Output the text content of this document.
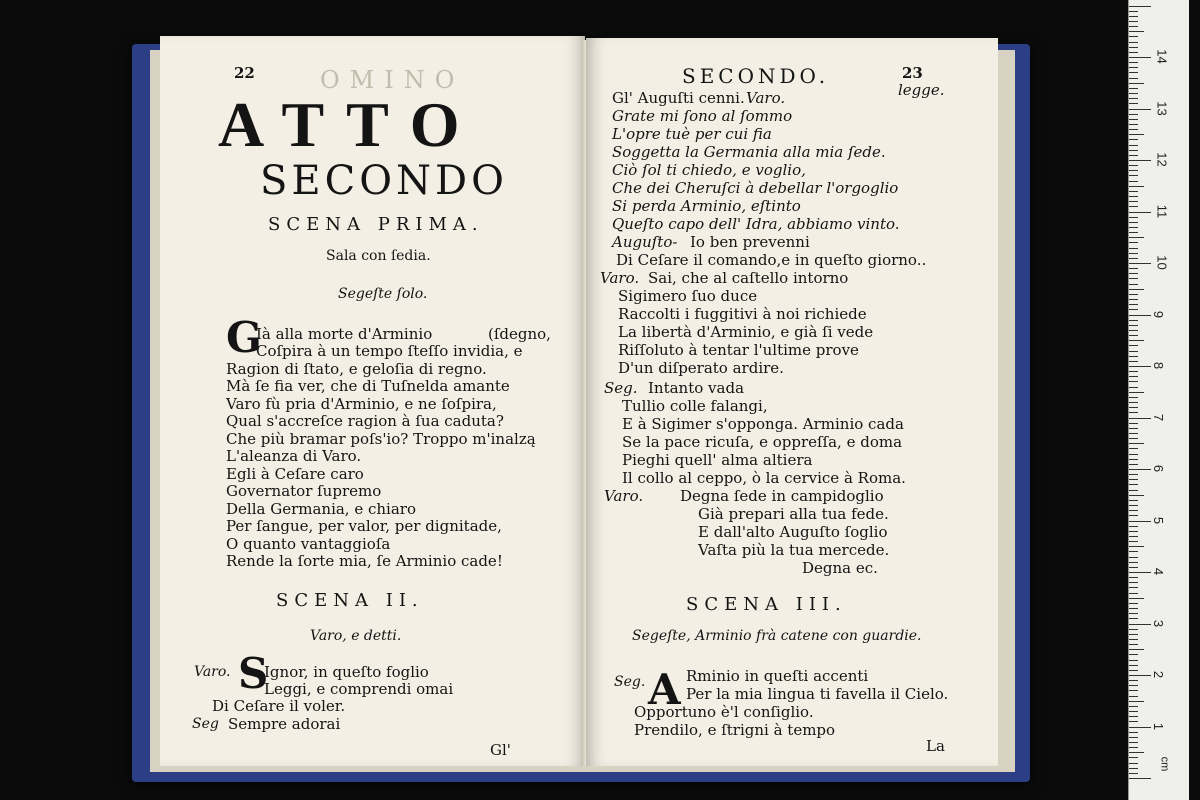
22	OMINO
ATTO
SECONDO
SCENA PRIMA.
Sala con ſedia.
Segeſte ſolo.
G
Ià alla morte d'Arminio	(ſdegno,
Coſpira à un tempo ſteſſo invidia, e
Ragion di ſtato, e geloſia di regno.
Mà ſe fia ver, che di Tuſnelda amante
Varo fù pria d'Arminio, e ne ſoſpira,
Qual s'accreſce ragion à ſua caduta?
Che più bramar poſs'io? Troppo m'inalzą
L'aleanza di Varo.
Egli à Ceſare caro
Governator ſupremo
Della Germania, e chiaro
Per ſangue, per valor, per dignitade,
O quanto vantaggioſa
Rende la ſorte mia, ſe Arminio cade!
SCENA II.
Varo, e detti.
Varo. S
Ignor, in queſto foglio
Leggi, e comprendi omai
Di Ceſare il voler.
Seg Sempre adorai
Gl'
SECONDO.	23
Gl' Auguſti cenni. Varo.	legge.
Grate mi ſono al ſommo
L'opre tuè per cui fia
Soggetta la Germania alla mia ſede.
Ciò ſol ti chiedo, e voglio,
Che dei Cheruſci à debellar l'orgoglio
Si perda Arminio, eſtinto
Queſto capo dell' Idra, abbiamo vinto.
Auguſto- Io ben prevenni
Di Ceſare il comando,e in queſto giorno..
Varo. Sai, che al caſtello intorno
Sigimero ſuo duce
Raccolti i fuggitivi à noi richiede
La libertà d'Arminio, e già ſi vede
Riſſoluto à tentar l'ultime prove
D'un diſperato ardire.
Seg. Intanto vada
Tullio colle falangi,
E à Sigimer s'opponga. Arminio cada
Se la pace ricuſa, e oppreſſa, e doma
Pieghi quell' alma altiera
Il collo al ceppo, ò la cervice à Roma.
Varo. Degna ſede in campidoglio
Già prepari alla tua fede.
E dall'alto Auguſto ſoglio
Vaſta più la tua mercede.
Degna ec.
SCENA III.
Segeſte, Arminio frà catene con guardie.
Seg. A Rminio in queſti accenti
Per la mia lingua ti favella il Cielo.
Opportuno è'l conſiglio.
Prendilo, e ſtrigni à tempo
La
cm
1
2
3
4
5
6
7
8
9
10
11
12
13
14
